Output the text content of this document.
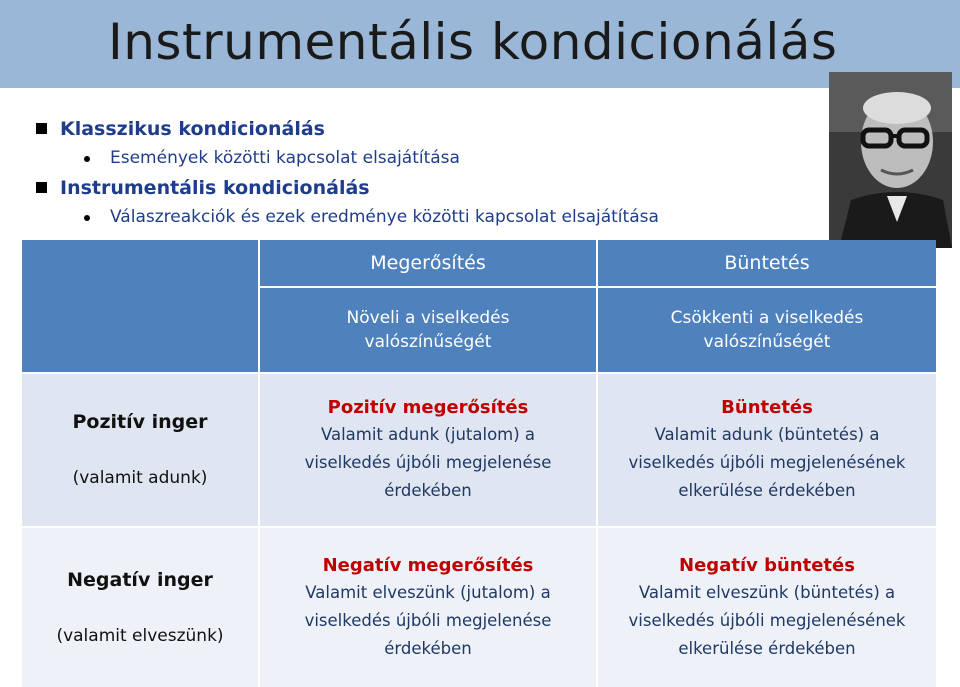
Instrumentális kondicionálás
Klasszikus kondicionálás
Események közötti kapcsolat elsajátítása
Instrumentális kondicionálás
Válaszreakciók és ezek eredménye közötti kapcsolat elsajátítása
Megerősítés	Büntetés
Növeli a viselkedés valószínűségét
Csökkenti a viselkedés valószínűségét
Pozitív inger
(valamit adunk)
Pozitív megerősítés
Valamit adunk (jutalom) a viselkedés újbóli megjelenése érdekében
Büntetés
Valamit adunk (büntetés) a viselkedés újbóli megjelenésének elkerülése érdekében
Negatív inger
(valamit elveszünk)
Negatív megerősítés
Valamit elveszünk (jutalom) a viselkedés újbóli megjelenése érdekében
Negatív büntetés
Valamit elveszünk (büntetés) a viselkedés újbóli megjelenésének elkerülése érdekében
